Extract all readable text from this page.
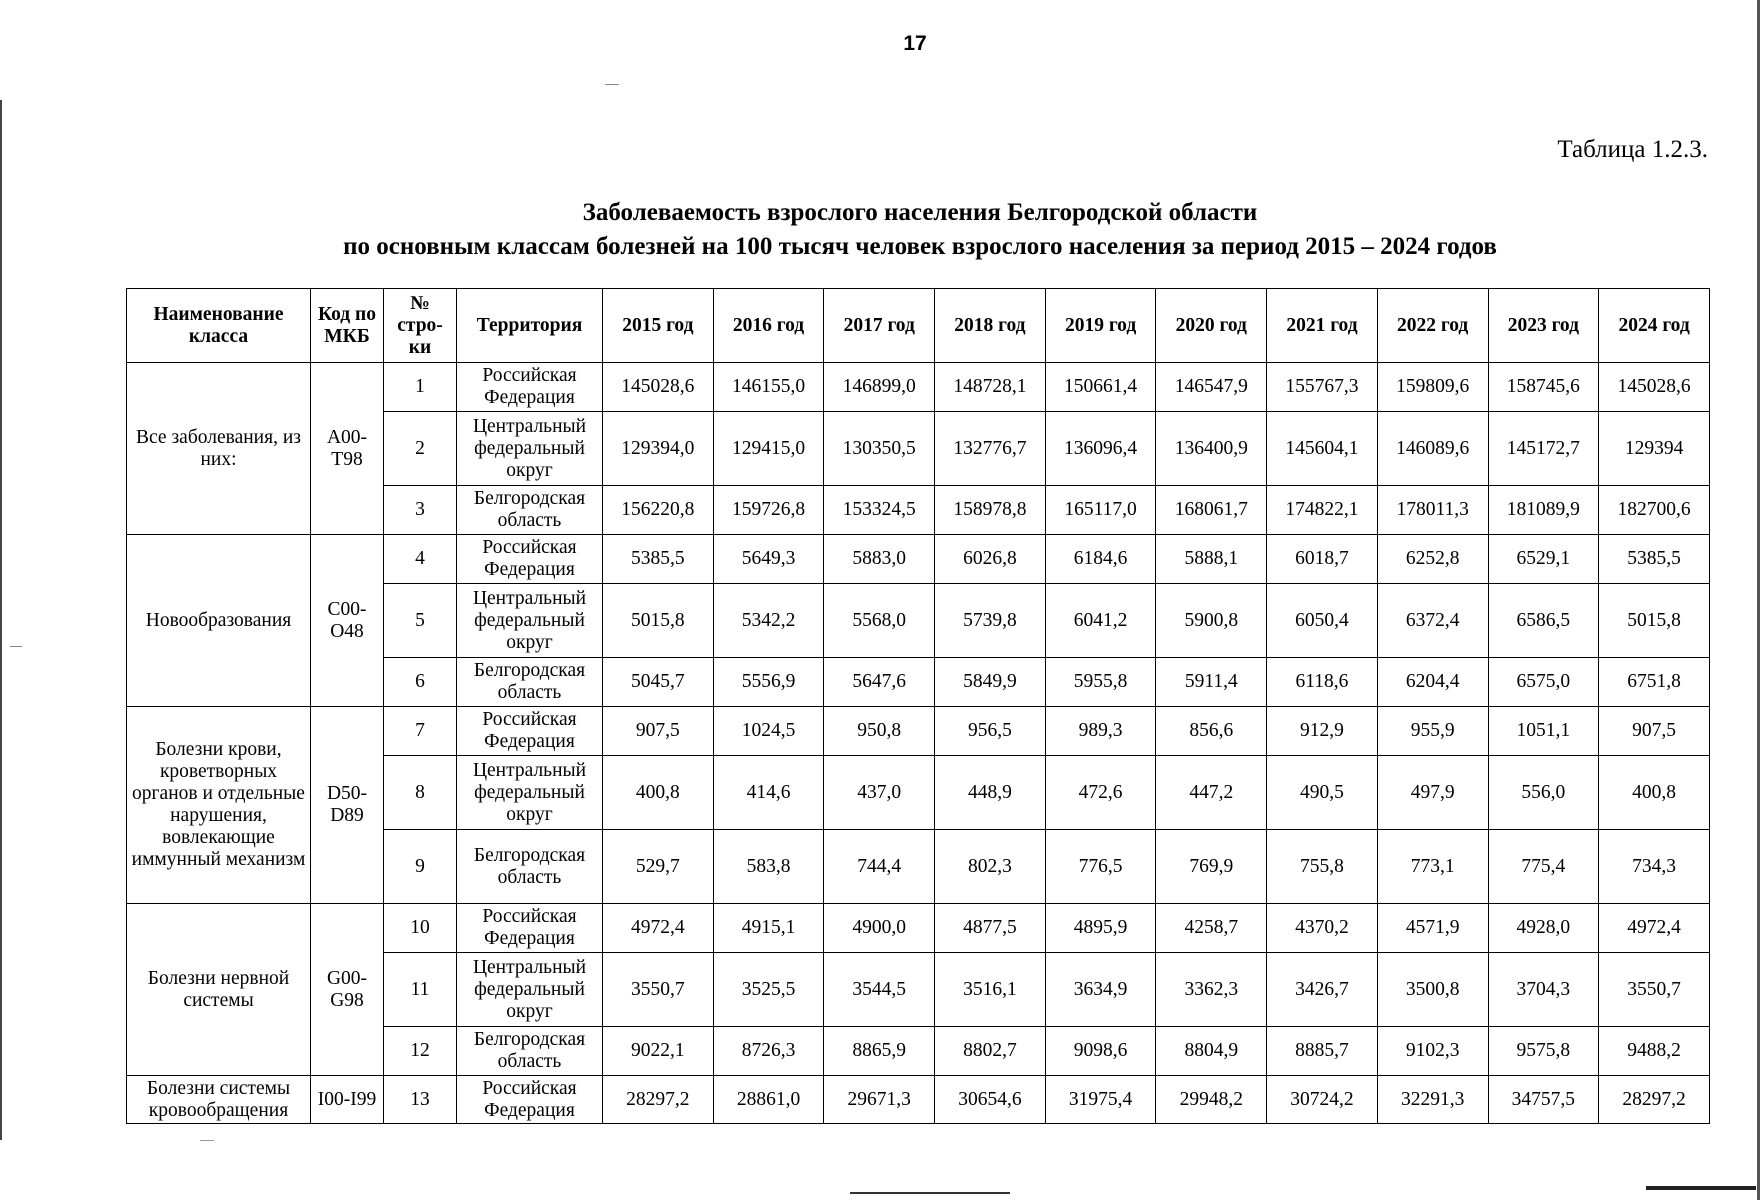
17
Таблица 1.2.3.
Заболеваемость взрослого населения Белгородской области
по основным классам болезней на 100 тысяч человек взрослого населения за период 2015 – 2024 годов
Наименование класса	Код по МКБ	№ стро-ки	Территория	2015 год	2016 год	2017 год	2018 год	2019 год	2020 год	2021 год	2022 год	2023 год	2024 год
Все заболевания, из них:	A00-T98	1	Российская Федерация	145028,6	146155,0	146899,0	148728,1	150661,4	146547,9	155767,3	159809,6	158745,6	145028,6
		2	Центральный федеральный округ	129394,0	129415,0	130350,5	132776,7	136096,4	136400,9	145604,1	146089,6	145172,7	129394
		3	Белгородская область	156220,8	159726,8	153324,5	158978,8	165117,0	168061,7	174822,1	178011,3	181089,9	182700,6
Новообразования	C00-O48	4	Российская Федерация	5385,5	5649,3	5883,0	6026,8	6184,6	5888,1	6018,7	6252,8	6529,1	5385,5
		5	Центральный федеральный округ	5015,8	5342,2	5568,0	5739,8	6041,2	5900,8	6050,4	6372,4	6586,5	5015,8
		6	Белгородская область	5045,7	5556,9	5647,6	5849,9	5955,8	5911,4	6118,6	6204,4	6575,0	6751,8
Болезни крови, кроветворных органов и отдельные нарушения, вовлекающие иммунный механизм	D50-D89	7	Российская Федерация	907,5	1024,5	950,8	956,5	989,3	856,6	912,9	955,9	1051,1	907,5
		8	Центральный федеральный округ	400,8	414,6	437,0	448,9	472,6	447,2	490,5	497,9	556,0	400,8
		9	Белгородская область	529,7	583,8	744,4	802,3	776,5	769,9	755,8	773,1	775,4	734,3
Болезни нервной системы	G00-G98	10	Российская Федерация	4972,4	4915,1	4900,0	4877,5	4895,9	4258,7	4370,2	4571,9	4928,0	4972,4
		11	Центральный федеральный округ	3550,7	3525,5	3544,5	3516,1	3634,9	3362,3	3426,7	3500,8	3704,3	3550,7
		12	Белгородская область	9022,1	8726,3	8865,9	8802,7	9098,6	8804,9	8885,7	9102,3	9575,8	9488,2
Болезни системы кровообращения	I00-I99	13	Российская Федерация	28297,2	28861,0	29671,3	30654,6	31975,4	29948,2	30724,2	32291,3	34757,5	28297,2
